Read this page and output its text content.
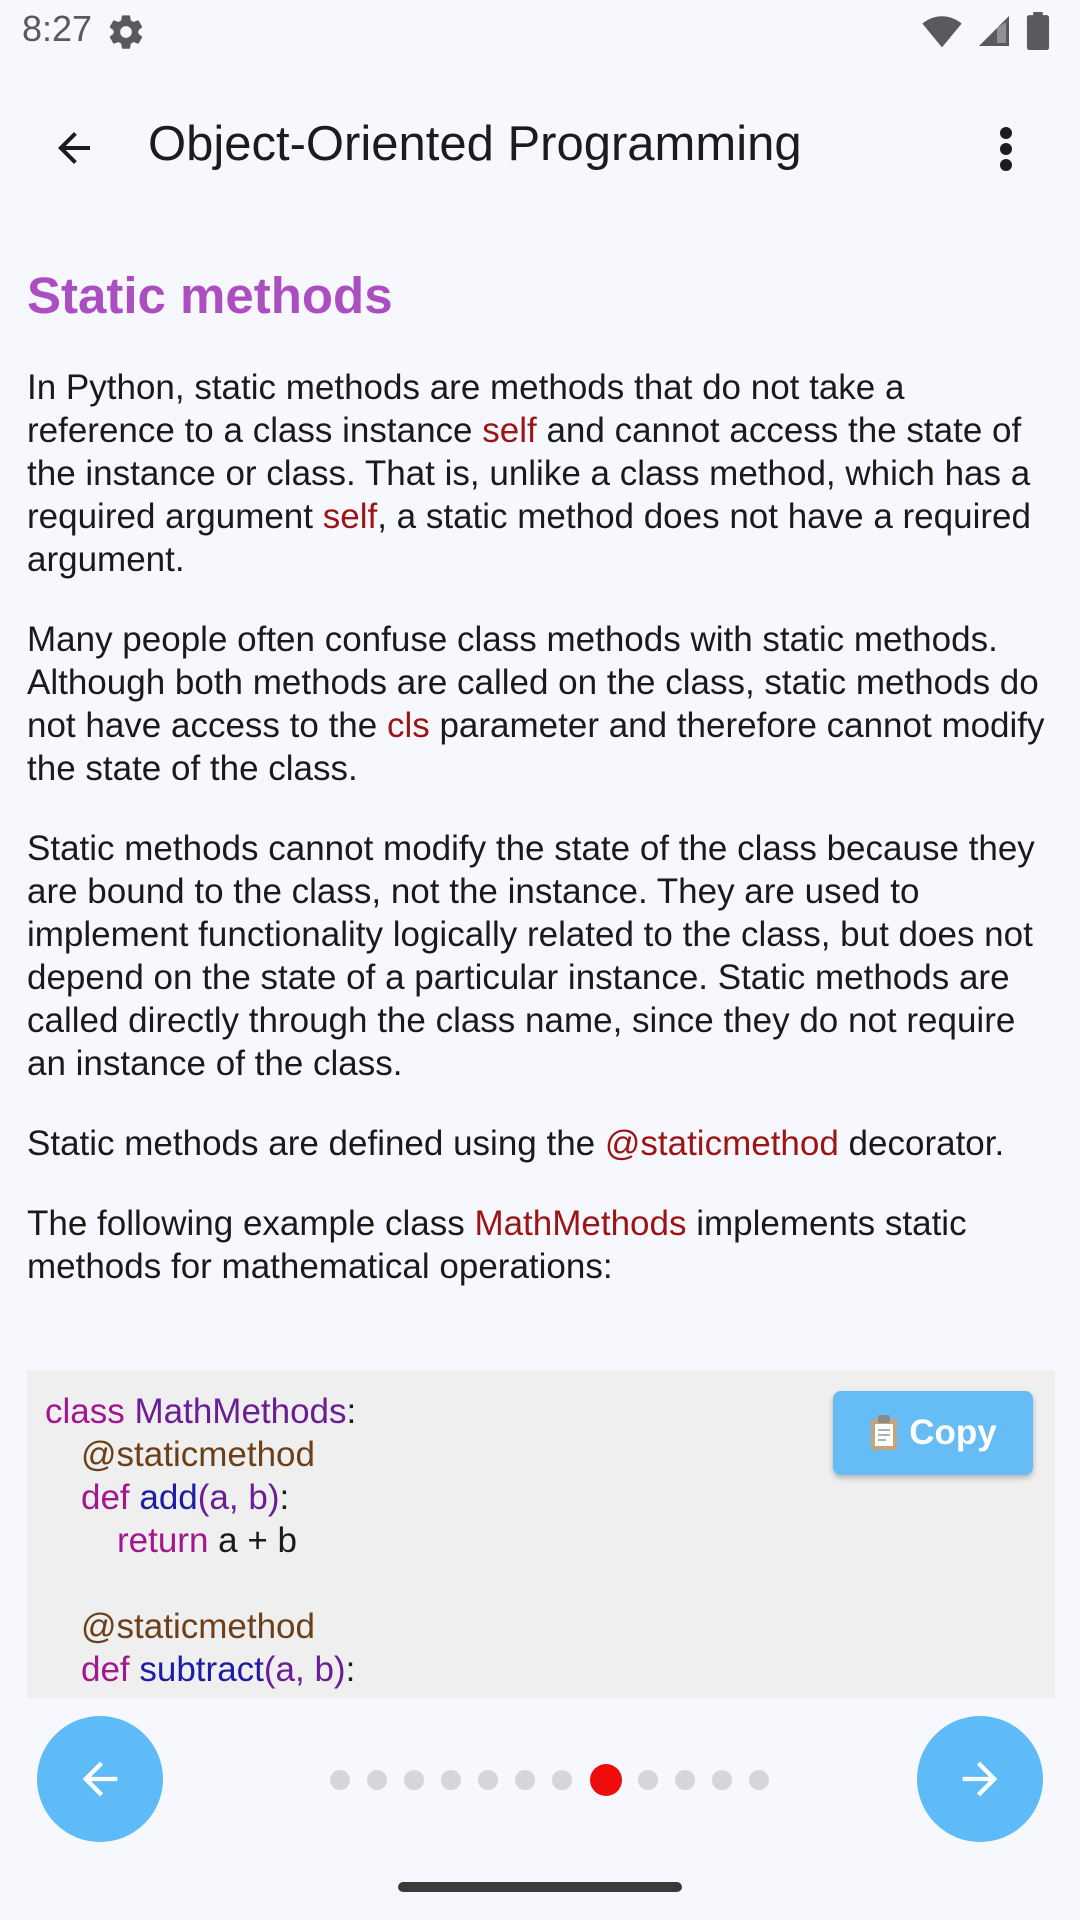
8:27
Object-Oriented Programming
Static methods

In Python, static methods are methods that do not take a reference to a class instance self and cannot access the state of the instance or class. That is, unlike a class method, which has a required argument self, a static method does not have a required argument.

Many people often confuse class methods with static methods. Although both methods are called on the class, static methods do not have access to the cls parameter and therefore cannot modify the state of the class.

Static methods cannot modify the state of the class because they are bound to the class, not the instance. They are used to implement functionality logically related to the class, but does not depend on the state of a particular instance. Static methods are called directly through the class name, since they do not require an instance of the class.

Static methods are defined using the @staticmethod decorator.

The following example class MathMethods implements static methods for mathematical operations:

class MathMethods:
@staticmethod
def add(a, b):
return a + b
@staticmethod
def subtract(a, b):
Copy
